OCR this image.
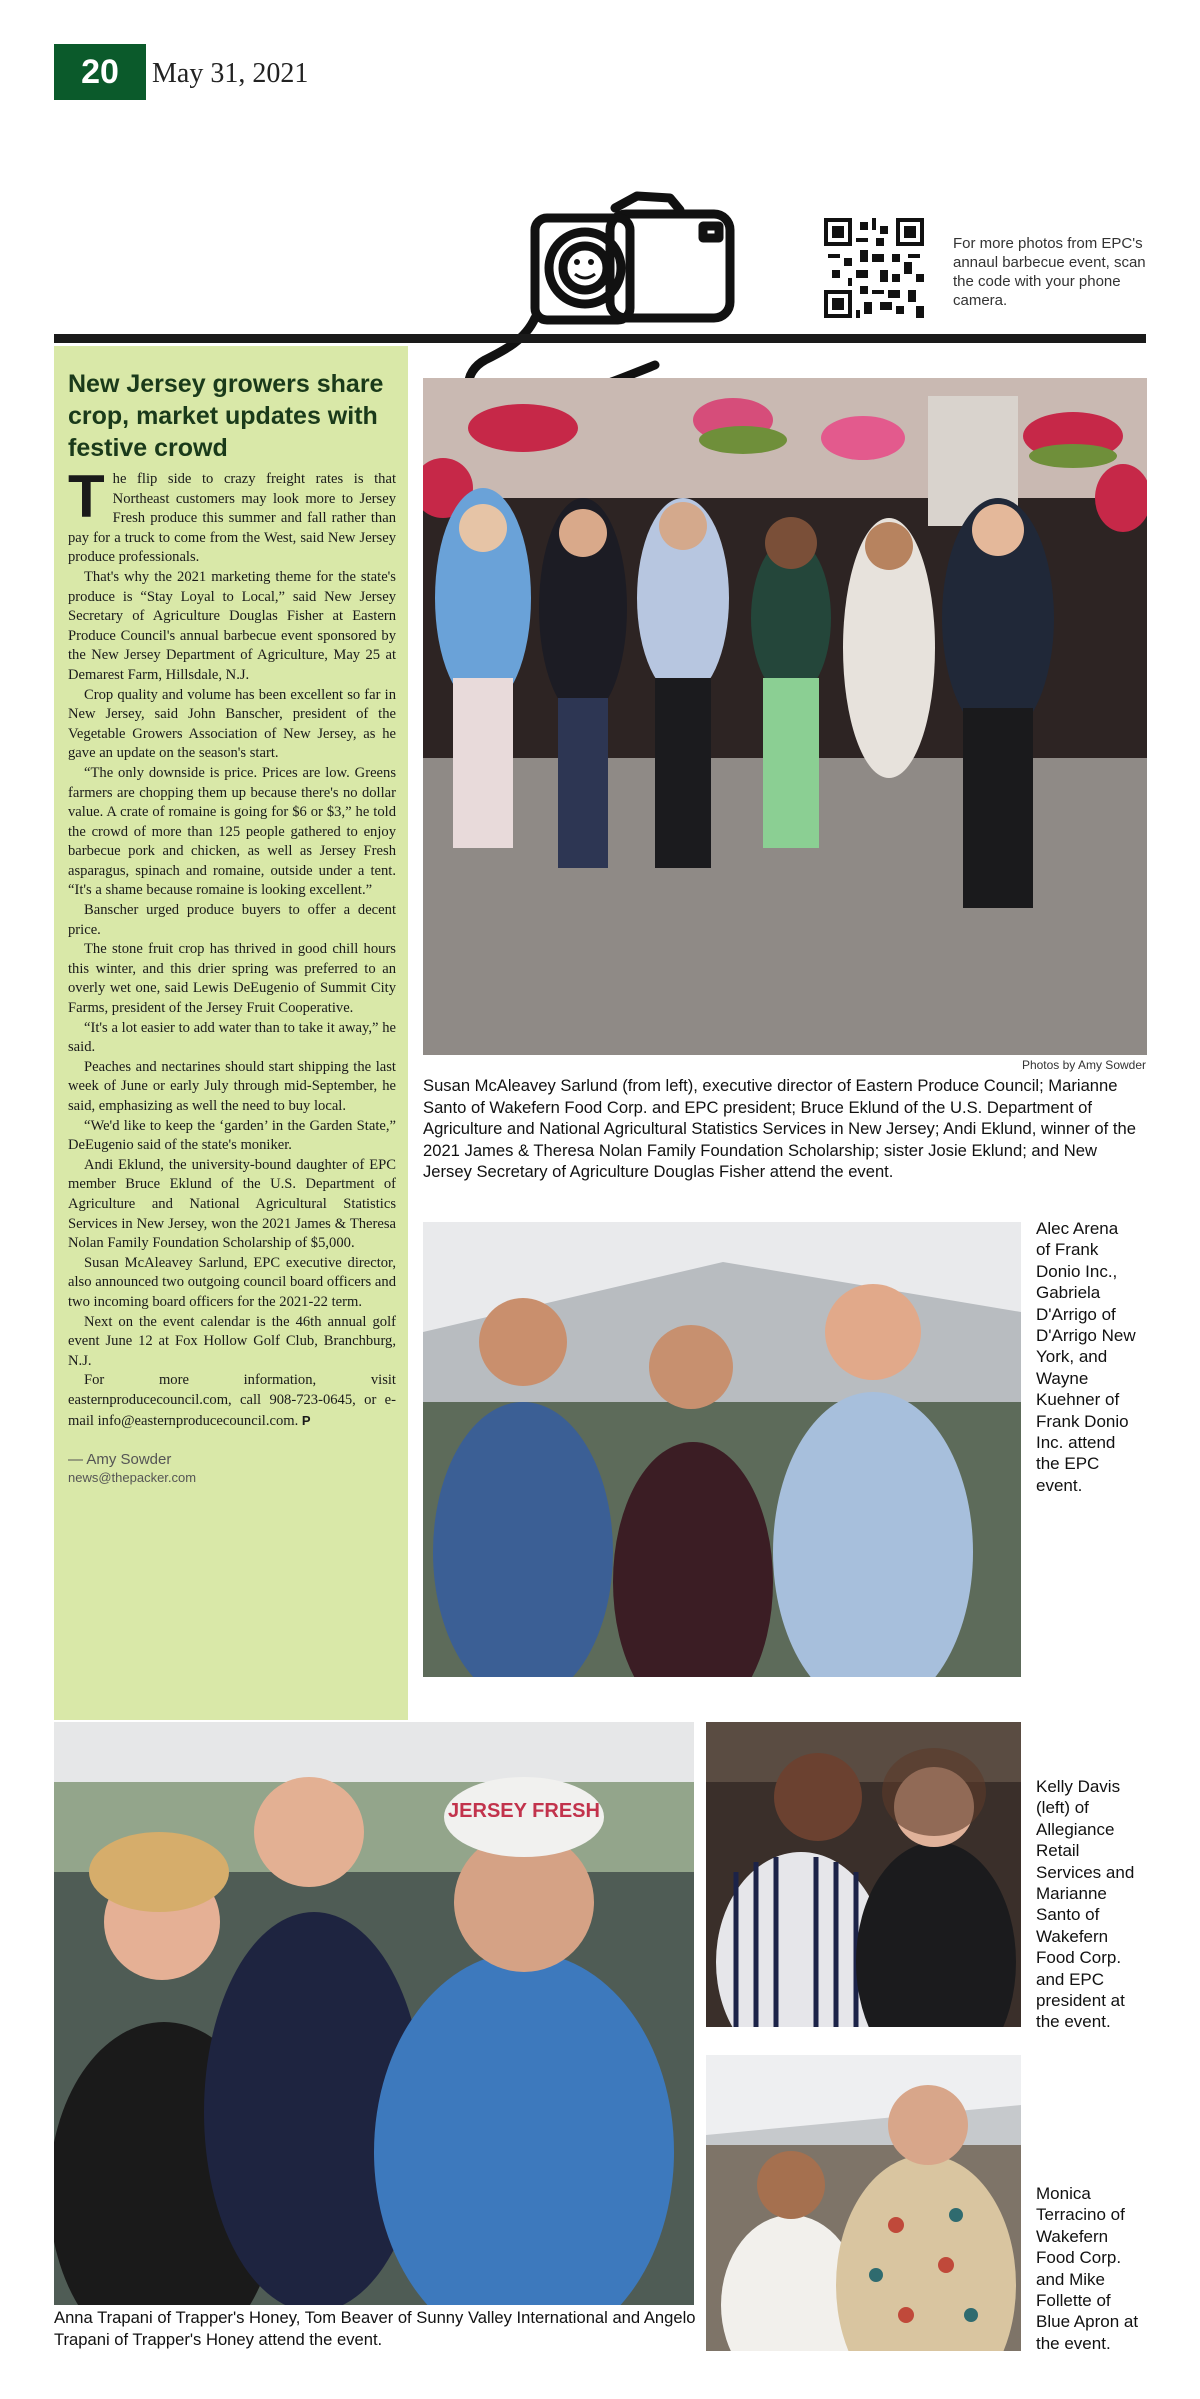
20	May 31, 2021
For more photos from EPC's annaul barbecue event, scan the code with your phone camera.
New Jersey growers share crop, market updates with festive crowd

The flip side to crazy freight rates is that Northeast customers may look more to Jersey Fresh produce this summer and fall rather than pay for a truck to come from the West, said New Jersey produce professionals.

That's why the 2021 marketing theme for the state's produce is “Stay Loyal to Local,” said New Jersey Secretary of Agriculture Douglas Fisher at Eastern Produce Council's annual barbecue event sponsored by the New Jersey Department of Agriculture, May 25 at Demarest Farm, Hillsdale, N.J.

Crop quality and volume has been excellent so far in New Jersey, said John Banscher, president of the Vegetable Growers Association of New Jersey, as he gave an update on the season's start.

“The only downside is price. Prices are low. Greens farmers are chopping them up because there's no dollar value. A crate of romaine is going for $6 or $3,” he told the crowd of more than 125 people gathered to enjoy barbecue pork and chicken, as well as Jersey Fresh asparagus, spinach and romaine, outside under a tent. “It's a shame because romaine is looking excellent.”

Banscher urged produce buyers to offer a decent price.

The stone fruit crop has thrived in good chill hours this winter, and this drier spring was preferred to an overly wet one, said Lewis DeEugenio of Summit City Farms, president of the Jersey Fruit Cooperative.

“It's a lot easier to add water than to take it away,” he said.

Peaches and nectarines should start shipping the last week of June or early July through mid-September, he said, emphasizing as well the need to buy local.

“We'd like to keep the ‘garden’ in the Garden State,” DeEugenio said of the state's moniker.

Andi Eklund, the university-bound daughter of EPC member Bruce Eklund of the U.S. Department of Agriculture and National Agricultural Statistics Services in New Jersey, won the 2021 James & Theresa Nolan Family Foundation Scholarship of $5,000.

Susan McAleavey Sarlund, EPC executive director, also announced two outgoing council board officers and two incoming board officers for the 2021-22 term.

Next on the event calendar is the 46th annual golf event June 12 at Fox Hollow Golf Club, Branchburg, N.J.

For more information, visit easternproducecouncil.com, call 908-723-0645, or e-mail info@easternproducecouncil.com. P

— Amy Sowder
news@thepacker.com
Photos by Amy Sowder
Susan McAleavey Sarlund (from left), executive director of Eastern Produce Council; Marianne Santo of Wakefern Food Corp. and EPC president; Bruce Eklund of the U.S. Department of Agriculture and National Agricultural Statistics Services in New Jersey; Andi Eklund, winner of the 2021 James & Theresa Nolan Family Foundation Scholarship; sister Josie Eklund; and New Jersey Secretary of Agriculture Douglas Fisher attend the event.
Alec Arena of Frank Donio Inc., Gabriela D'Arrigo of D'Arrigo New York, and Wayne Kuehner of Frank Donio Inc. attend the EPC event.
JERSEY FRESH
Anna Trapani of Trapper's Honey, Tom Beaver of Sunny Valley International and Angelo Trapani of Trapper's Honey attend the event.
Kelly Davis (left) of Allegiance Retail Services and Marianne Santo of Wakefern Food Corp. and EPC president at the event.
Monica Terracino of Wakefern Food Corp. and Mike Follette of Blue Apron at the event.
